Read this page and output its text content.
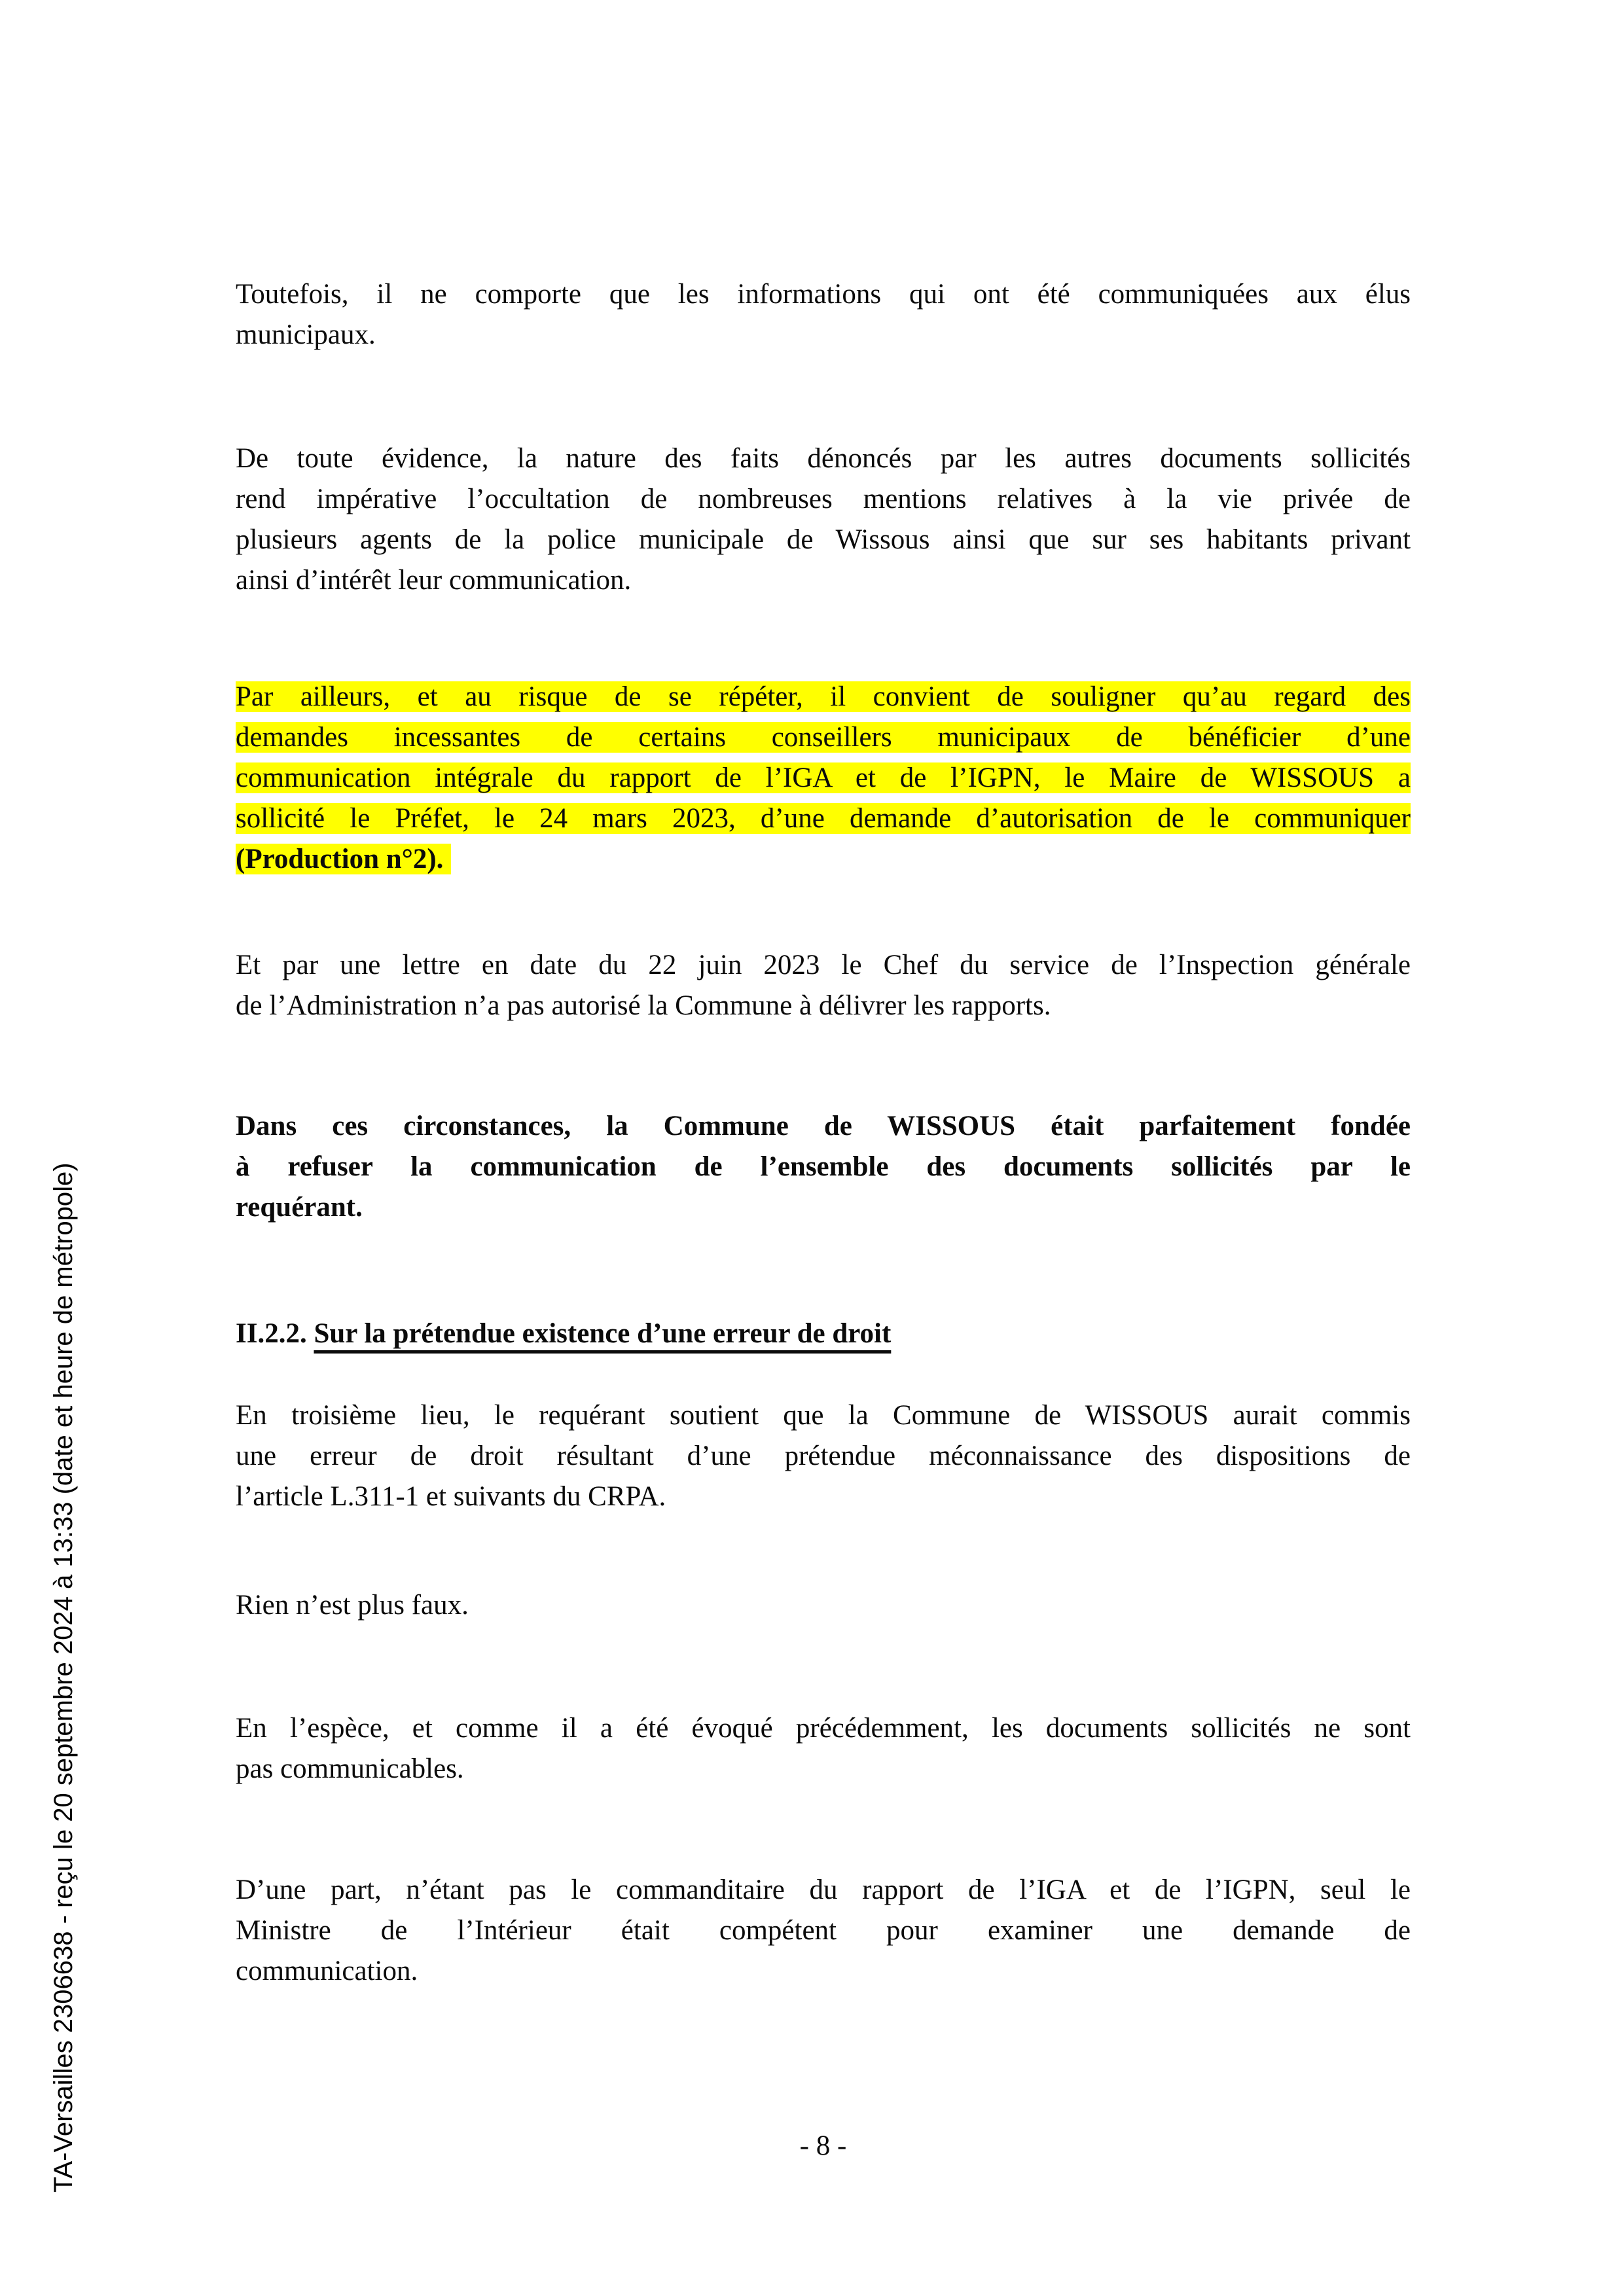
TA-Versailles 2306638 - reçu le 20 septembre 2024 à 13:33 (date et heure de métropole)
Toutefois, il ne comporte que les informations qui ont été communiquées aux élus
municipaux.
De toute évidence, la nature des faits dénoncés par les autres documents sollicités
rend impérative l’occultation de nombreuses mentions relatives à la vie privée de
plusieurs agents de la police municipale de Wissous ainsi que sur ses habitants privant
ainsi d’intérêt leur communication.
Par ailleurs, et au risque de se répéter, il convient de souligner qu’au regard des
demandes incessantes de certains conseillers municipaux de bénéficier d’une
communication intégrale du rapport de l’IGA et de l’IGPN, le Maire de WISSOUS a
sollicité le Préfet, le 24 mars 2023, d’une demande d’autorisation de le communiquer
(Production n°2).
Et par une lettre en date du 22 juin 2023 le Chef du service de l’Inspection générale
de l’Administration n’a pas autorisé la Commune à délivrer les rapports.
Dans ces circonstances, la Commune de WISSOUS était parfaitement fondée
à refuser la communication de l’ensemble des documents sollicités par le
requérant.
II.2.2. Sur la prétendue existence d’une erreur de droit
En troisième lieu, le requérant soutient que la Commune de WISSOUS aurait commis
une erreur de droit résultant d’une prétendue méconnaissance des dispositions de
l’article L.311-1 et suivants du CRPA.
Rien n’est plus faux.
En l’espèce, et comme il a été évoqué précédemment, les documents sollicités ne sont
pas communicables.
D’une part, n’étant pas le commanditaire du rapport de l’IGA et de l’IGPN, seul le
Ministre de l’Intérieur était compétent pour examiner une demande de
communication.
- 8 -
